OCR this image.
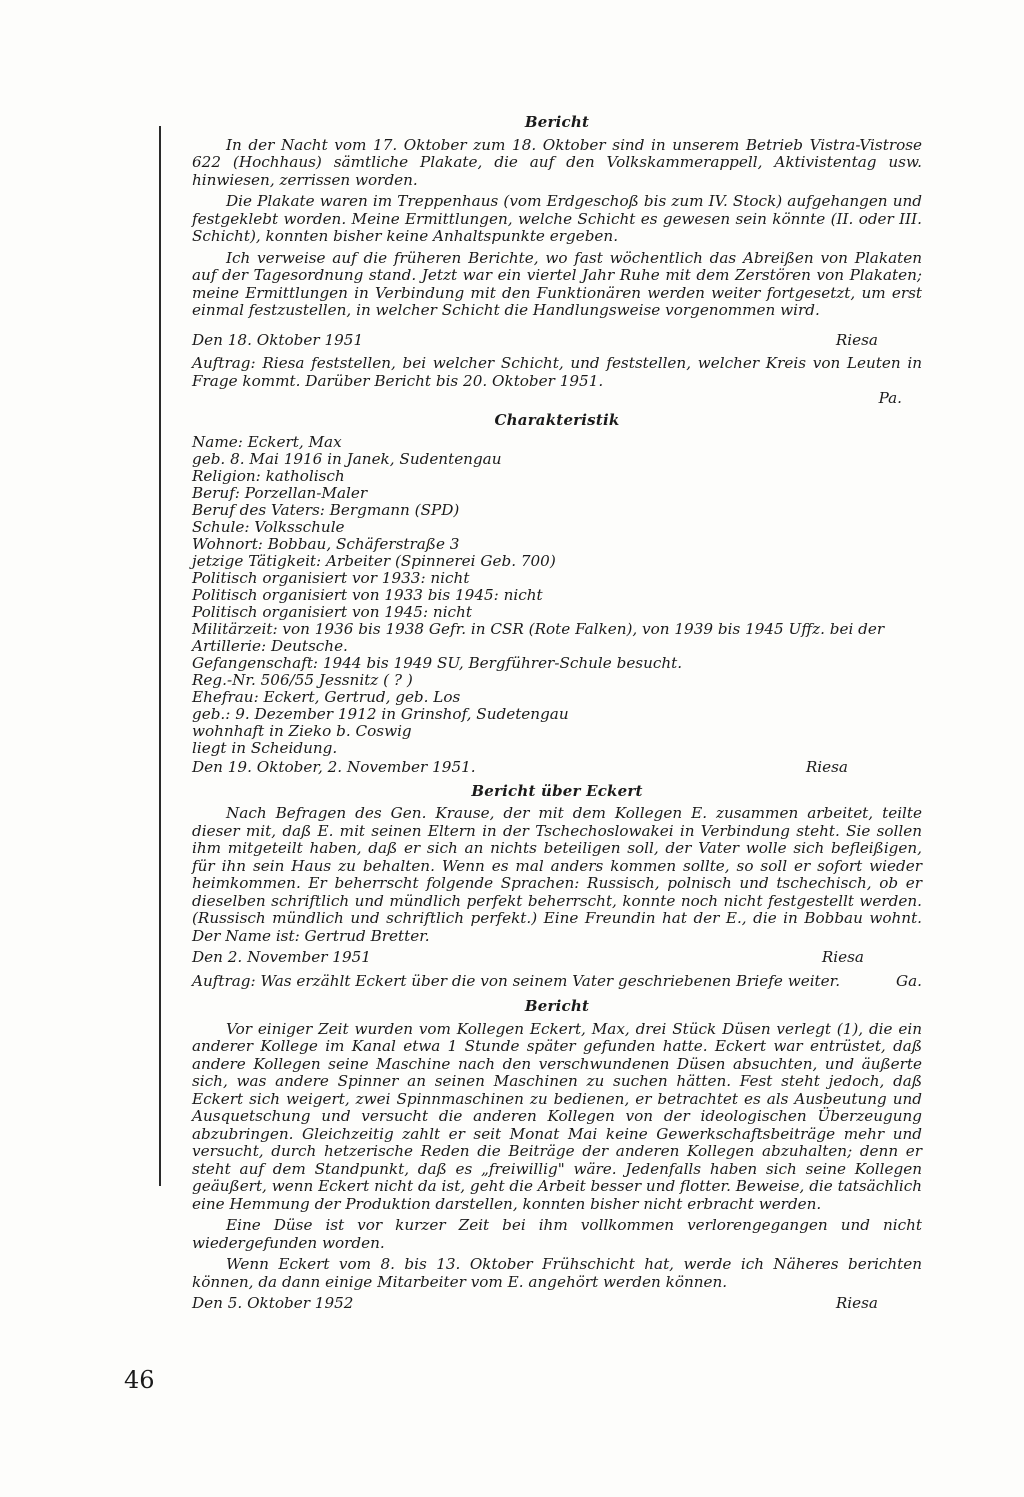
Bericht

In der Nacht vom 17. Oktober zum 18. Oktober sind in unserem Betrieb Vistra-Vistrose 622 (Hochhaus) sämtliche Plakate, die auf den Volkskammerappell, Aktivistentag usw. hinwiesen, zerrissen worden.

Die Plakate waren im Treppenhaus (vom Erdgeschoß bis zum IV. Stock) aufgehangen und festgeklebt worden. Meine Ermittlungen, welche Schicht es gewesen sein könnte (II. oder III. Schicht), konnten bisher keine Anhaltspunkte ergeben.

Ich verweise auf die früheren Berichte, wo fast wöchentlich das Abreißen von Plakaten auf der Tagesordnung stand. Jetzt war ein viertel Jahr Ruhe mit dem Zerstören von Plakaten; meine Ermittlungen in Verbindung mit den Funktionären werden weiter fortgesetzt, um erst einmal festzustellen, in welcher Schicht die Handlungsweise vorgenommen wird.

Den 18. Oktober 1951	Riesa

Auftrag: Riesa feststellen, bei welcher Schicht, und feststellen, welcher Kreis von Leuten in Frage kommt. Darüber Bericht bis 20. Oktober 1951.

Pa.
Charakteristik
Name: Eckert, Max
geb. 8. Mai 1916 in Janek, Sudentengau
Religion: katholisch
Beruf: Porzellan-Maler
Beruf des Vaters: Bergmann (SPD)
Schule: Volksschule
Wohnort: Bobbau, Schäferstraße 3
jetzige Tätigkeit: Arbeiter (Spinnerei Geb. 700)
Politisch organisiert vor 1933: nicht
Politisch organisiert von 1933 bis 1945: nicht
Politisch organisiert von 1945: nicht
Militärzeit: von 1936 bis 1938 Gefr. in CSR (Rote Falken), von 1939 bis 1945 Uffz. bei der Artillerie: Deutsche.
Gefangenschaft: 1944 bis 1949 SU, Bergführer-Schule besucht.
Reg.-Nr. 506/55 Jessnitz ( ? )
Ehefrau: Eckert, Gertrud, geb. Los
geb.: 9. Dezember 1912 in Grinshof, Sudetengau
wohnhaft in Zieko b. Coswig
liegt in Scheidung.
Den 19. Oktober, 2. November 1951.	Riesa
Bericht über Eckert

Nach Befragen des Gen. Krause, der mit dem Kollegen E. zusammen arbeitet, teilte dieser mit, daß E. mit seinen Eltern in der Tschechoslowakei in Verbindung steht. Sie sollen ihm mitgeteilt haben, daß er sich an nichts beteiligen soll, der Vater wolle sich befleißigen, für ihn sein Haus zu behalten. Wenn es mal anders kommen sollte, so soll er sofort wieder heimkommen. Er beherrscht folgende Sprachen: Russisch, polnisch und tschechisch, ob er dieselben schriftlich und mündlich perfekt beherrscht, konnte noch nicht festgestellt werden. (Russisch mündlich und schriftlich perfekt.) Eine Freundin hat der E., die in Bobbau wohnt. Der Name ist: Gertrud Bretter.

Den 2. November 1951	Riesa
Auftrag: Was erzählt Eckert über die von seinem Vater geschriebenen Briefe weiter.	Ga.
Bericht

Vor einiger Zeit wurden vom Kollegen Eckert, Max, drei Stück Düsen verlegt (1), die ein anderer Kollege im Kanal etwa 1 Stunde später gefunden hatte. Eckert war entrüstet, daß andere Kollegen seine Maschine nach den verschwundenen Düsen absuchten, und äußerte sich, was andere Spinner an seinen Maschinen zu suchen hätten. Fest steht jedoch, daß Eckert sich weigert, zwei Spinnmaschinen zu bedienen, er betrachtet es als Ausbeutung und Ausquetschung und versucht die anderen Kollegen von der ideologischen Überzeugung abzubringen. Gleichzeitig zahlt er seit Monat Mai keine Gewerkschaftsbeiträge mehr und versucht, durch hetzerische Reden die Beiträge der anderen Kollegen abzuhalten; denn er steht auf dem Standpunkt, daß es „freiwillig" wäre. Jedenfalls haben sich seine Kollegen geäußert, wenn Eckert nicht da ist, geht die Arbeit besser und flotter. Beweise, die tatsächlich eine Hemmung der Produktion darstellen, konnten bisher nicht erbracht werden.

Eine Düse ist vor kurzer Zeit bei ihm vollkommen verlorengegangen und nicht wiedergefunden worden.

Wenn Eckert vom 8. bis 13. Oktober Frühschicht hat, werde ich Näheres berichten können, da dann einige Mitarbeiter vom E. angehört werden können.

Den 5. Oktober 1952	Riesa
46
